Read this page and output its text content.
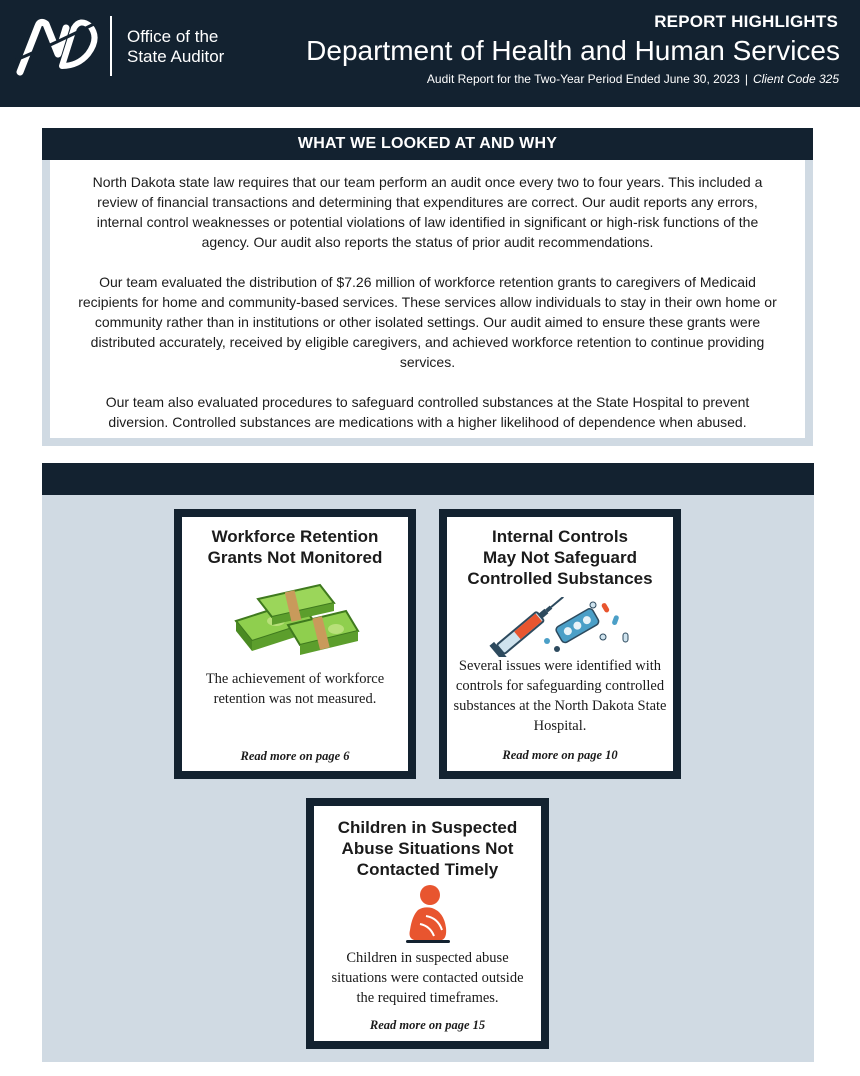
Office of the
State Auditor
REPORT HIGHLIGHTS
Department of Health and Human Services
Audit Report for the Two-Year Period Ended June 30, 2023 | Client Code 325
WHAT WE LOOKED AT AND WHY

North Dakota state law requires that our team perform an audit once every two to four years. This included a review of financial transactions and determining that expenditures are correct. Our audit reports any errors, internal control weaknesses or potential violations of law identified in significant or high-risk functions of the agency. Our audit also reports the status of prior audit recommendations.

Our team evaluated the distribution of $7.26 million of workforce retention grants to caregivers of Medicaid recipients for home and community-based services. These services allow individuals to stay in their own home or community rather than in institutions or other isolated settings. Our audit aimed to ensure these grants were distributed accurately, received by eligible caregivers, and achieved workforce retention to continue providing services.

Our team also evaluated procedures to safeguard controlled substances at the State Hospital to prevent diversion. Controlled substances are medications with a higher likelihood of dependence when abused.

Workforce Retention
Grants Not Monitored
The achievement of workforce retention was not measured.
Read more on page 6
Internal Controls
May Not Safeguard
Controlled Substances
Several issues were identified with controls for safeguarding controlled substances at the North Dakota State Hospital.
Read more on page 10
Children in Suspected
Abuse Situations Not
Contacted Timely
Children in suspected abuse situations were contacted outside the required timeframes.
Read more on page 15
